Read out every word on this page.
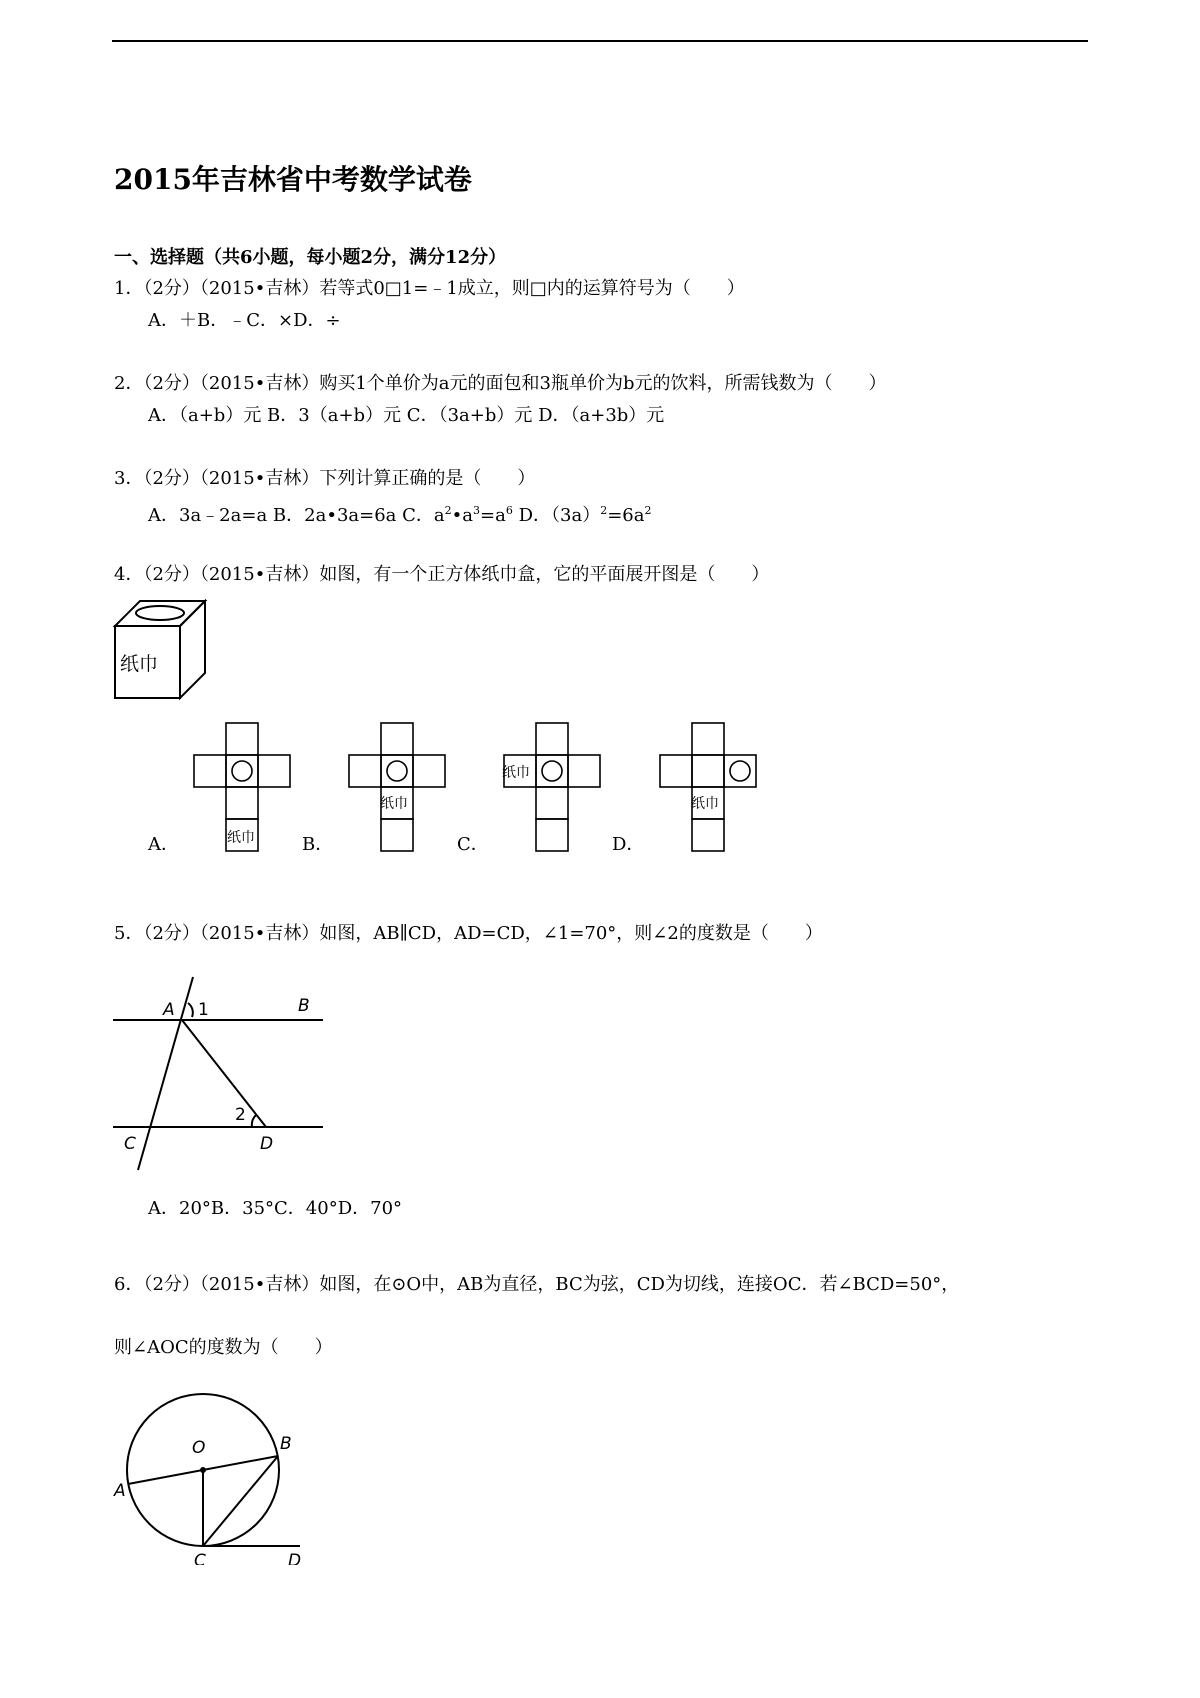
2015年吉林省中考数学试卷
一、选择题（共6小题，每小题2分，满分12分）
1．（2分）（2015•吉林）若等式0□1=﹣1成立，则□内的运算符号为（　　）
A．＋B．﹣C．×D．÷
2．（2分）（2015•吉林）购买1个单价为a元的面包和3瓶单价为b元的饮料，所需钱数为（　　）
A．（a+b）元 B．3（a+b）元 C．（3a+b）元 D．（a+3b）元
3．（2分）（2015•吉林）下列计算正确的是（　　）
A．3a﹣2a=a B．2a•3a=6a C．$a^2•a^3=a^6$ D．$(3a)^2=6a^2$
4．（2分）（2015•吉林）如图，有一个正方体纸巾盒，它的平面展开图是（　　）
纸巾
纸巾
A．
纸巾
B．
纸巾
C．
纸巾
D．
5．（2分）（2015•吉林）如图，AB∥CD，AD=CD，∠1=70°，则∠2的度数是（　　）
A 1	B
2
C	D
A．20°B．35°C．40°D．70°
6．（2分）（2015•吉林）如图，在⊙O中，AB为直径，BC为弦，CD为切线，连接OC．若∠BCD=50°，
则∠AOC的度数为（　　）
O
A
B
C	D
